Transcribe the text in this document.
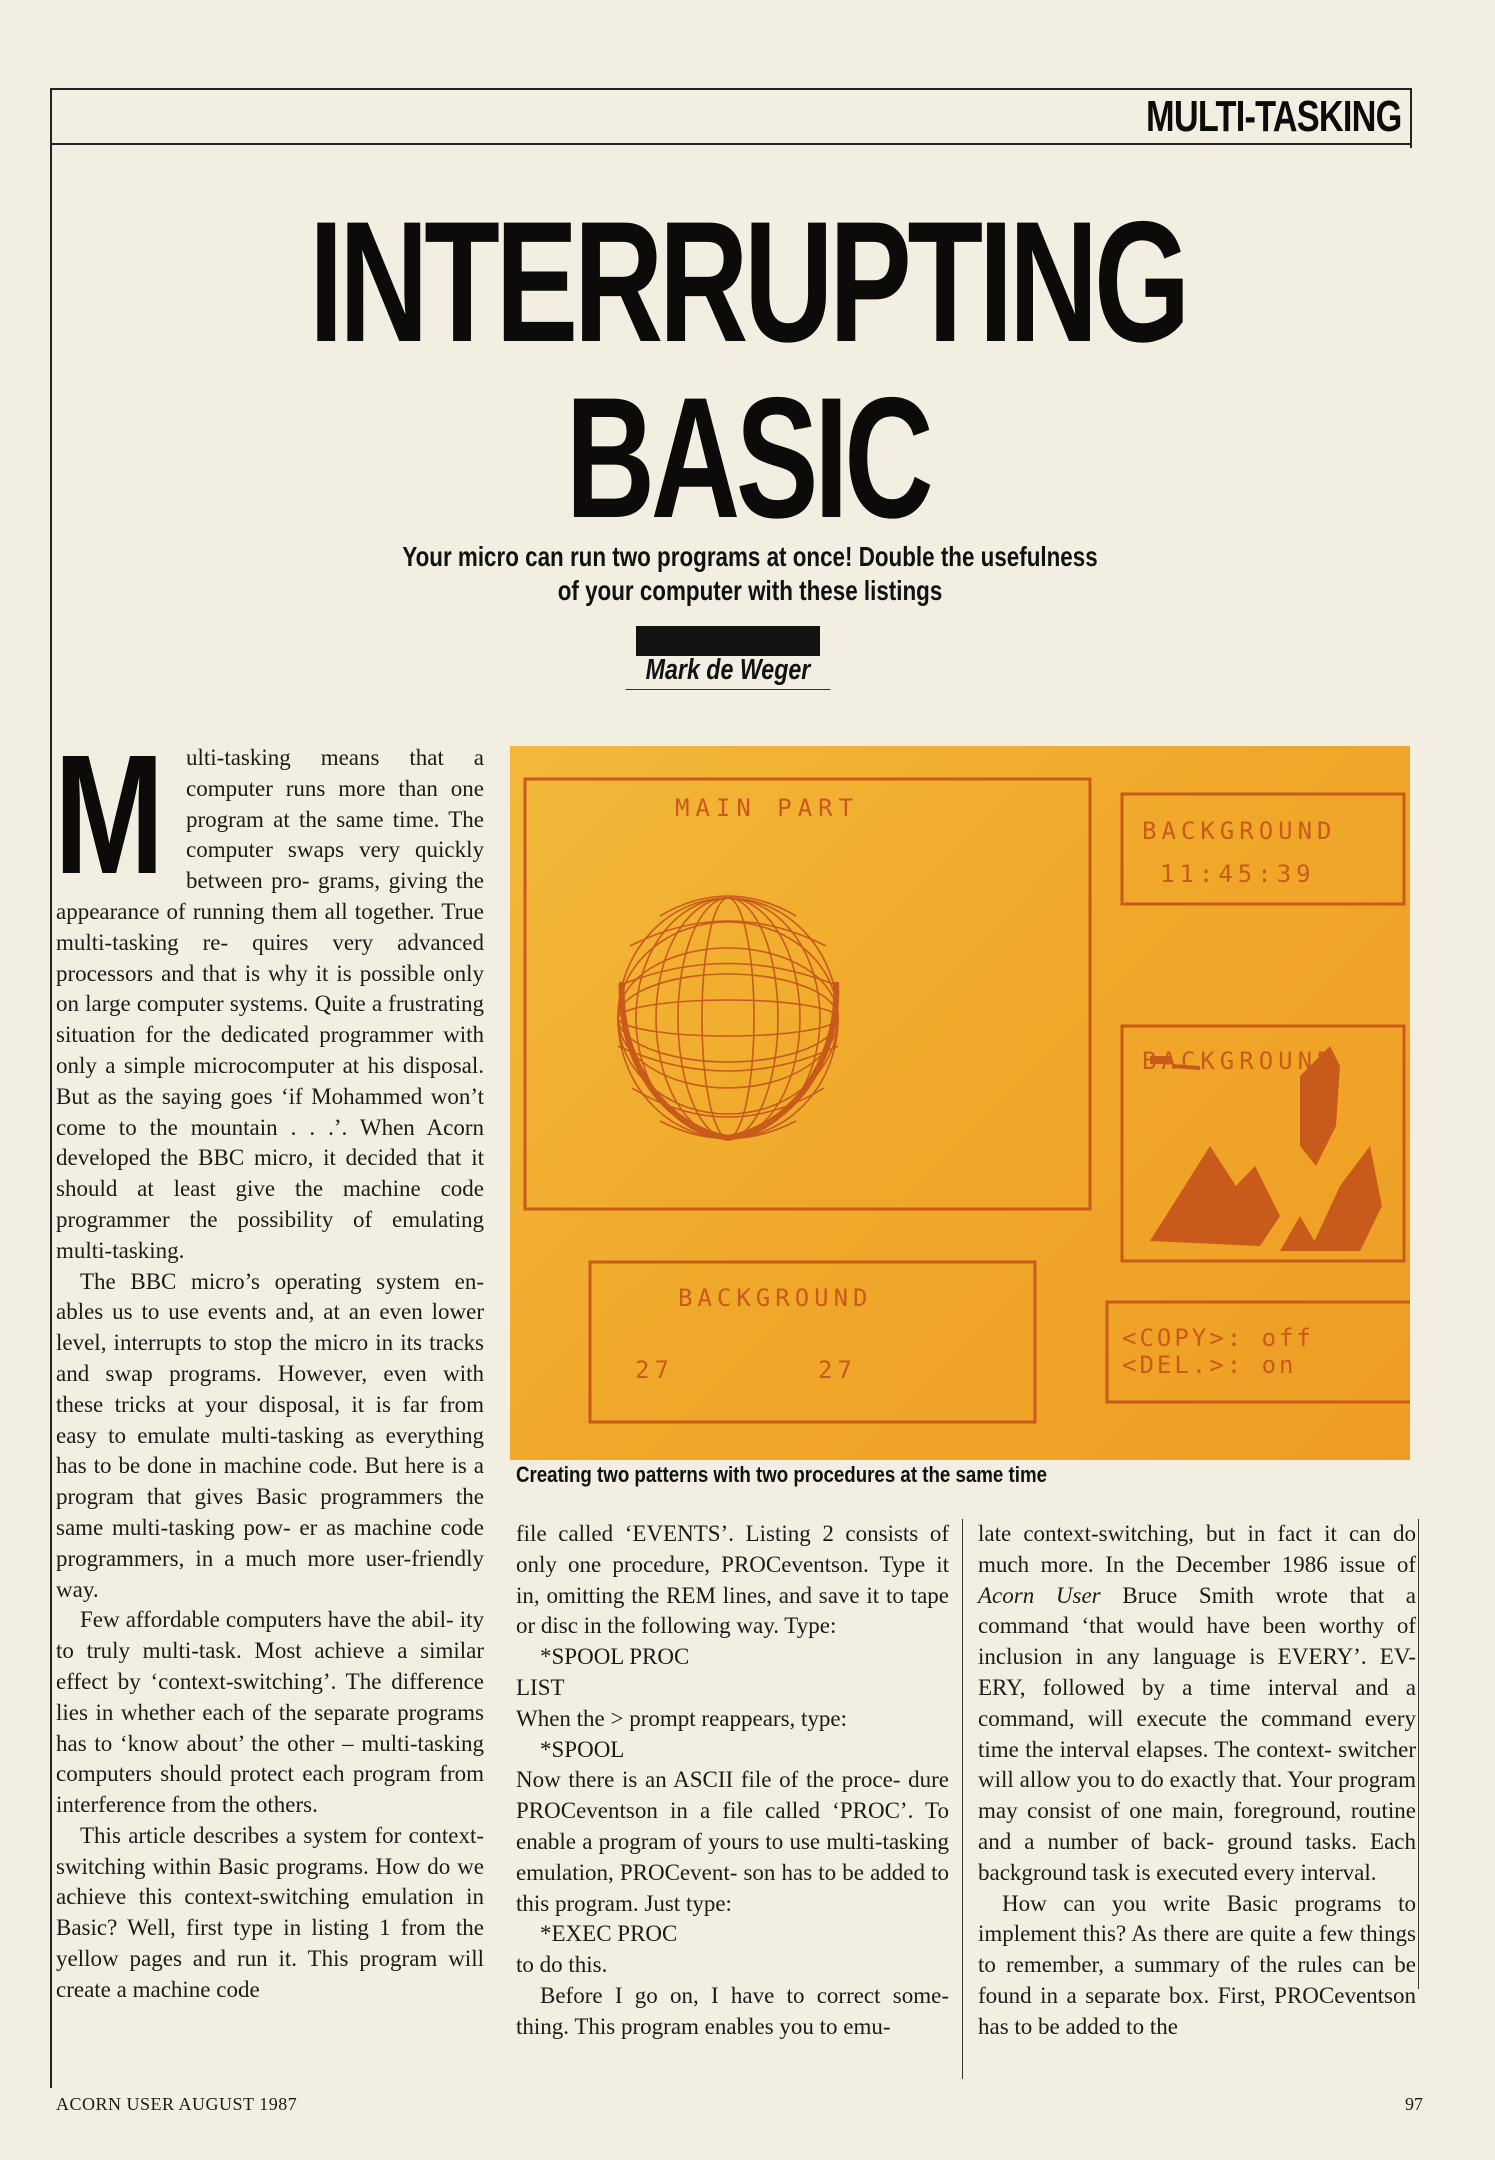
MULTI-TASKING
INTERRUPTING
BASIC
Your micro can run two programs at once! Double the usefulness of your computer with these listings
Mark de Weger

Multi-tasking means that a computer runs more than one program at the same time. The computer swaps very quickly between pro- grams, giving the appearance of running them all together. True multi-tasking re- quires very advanced processors and that is why it is possible only on large computer systems. Quite a frustrating situation for the dedicated programmer with only a simple microcomputer at his disposal. But as the saying goes ‘if Mohammed won’t come to the mountain . . .’. When Acorn developed the BBC micro, it decided that it should at least give the machine code programmer the possibility of emulating multi-tasking.

The BBC micro’s operating system en- ables us to use events and, at an even lower level, interrupts to stop the micro in its tracks and swap programs. However, even with these tricks at your disposal, it is far from easy to emulate multi-tasking as everything has to be done in machine code. But here is a program that gives Basic programmers the same multi-tasking pow- er as machine code programmers, in a much more user-friendly way.

Few affordable computers have the abil- ity to truly multi-task. Most achieve a similar effect by ‘context-switching’. The difference lies in whether each of the separate programs has to ‘know about’ the other – multi-tasking computers should protect each program from interference from the others.

This article describes a system for context-switching within Basic programs. How do we achieve this context-switching emulation in Basic? Well, first type in listing 1 from the yellow pages and run it. This program will create a machine code

MAIN PART
BACKGROUND
11:45:39
BACKGROUND
BACKGROUND
27	27
<COPY>: off
<DEL.>: on
Creating two patterns with two procedures at the same time

file called ‘EVENTS’. Listing 2 consists of only one procedure, PROCeventson. Type it in, omitting the REM lines, and save it to tape or disc in the following way. Type:

*SPOOL PROC

LIST

When the > prompt reappears, type:

*SPOOL

Now there is an ASCII file of the proce- dure PROCeventson in a file called ‘PROC’. To enable a program of yours to use multi-tasking emulation, PROCevent- son has to be added to this program. Just type:

*EXEC PROC

to do this.

Before I go on, I have to correct some- thing. This program enables you to emu-

late context-switching, but in fact it can do much more. In the December 1986 issue of Acorn User Bruce Smith wrote that a command ‘that would have been worthy of inclusion in any language is EVERY’. EV- ERY, followed by a time interval and a command, will execute the command every time the interval elapses. The context- switcher will allow you to do exactly that. Your program may consist of one main, foreground, routine and a number of back- ground tasks. Each background task is executed every interval.

How can you write Basic programs to implement this? As there are quite a few things to remember, a summary of the rules can be found in a separate box. First, PROCeventson has to be added to the

ACORN USER AUGUST 1987	97
